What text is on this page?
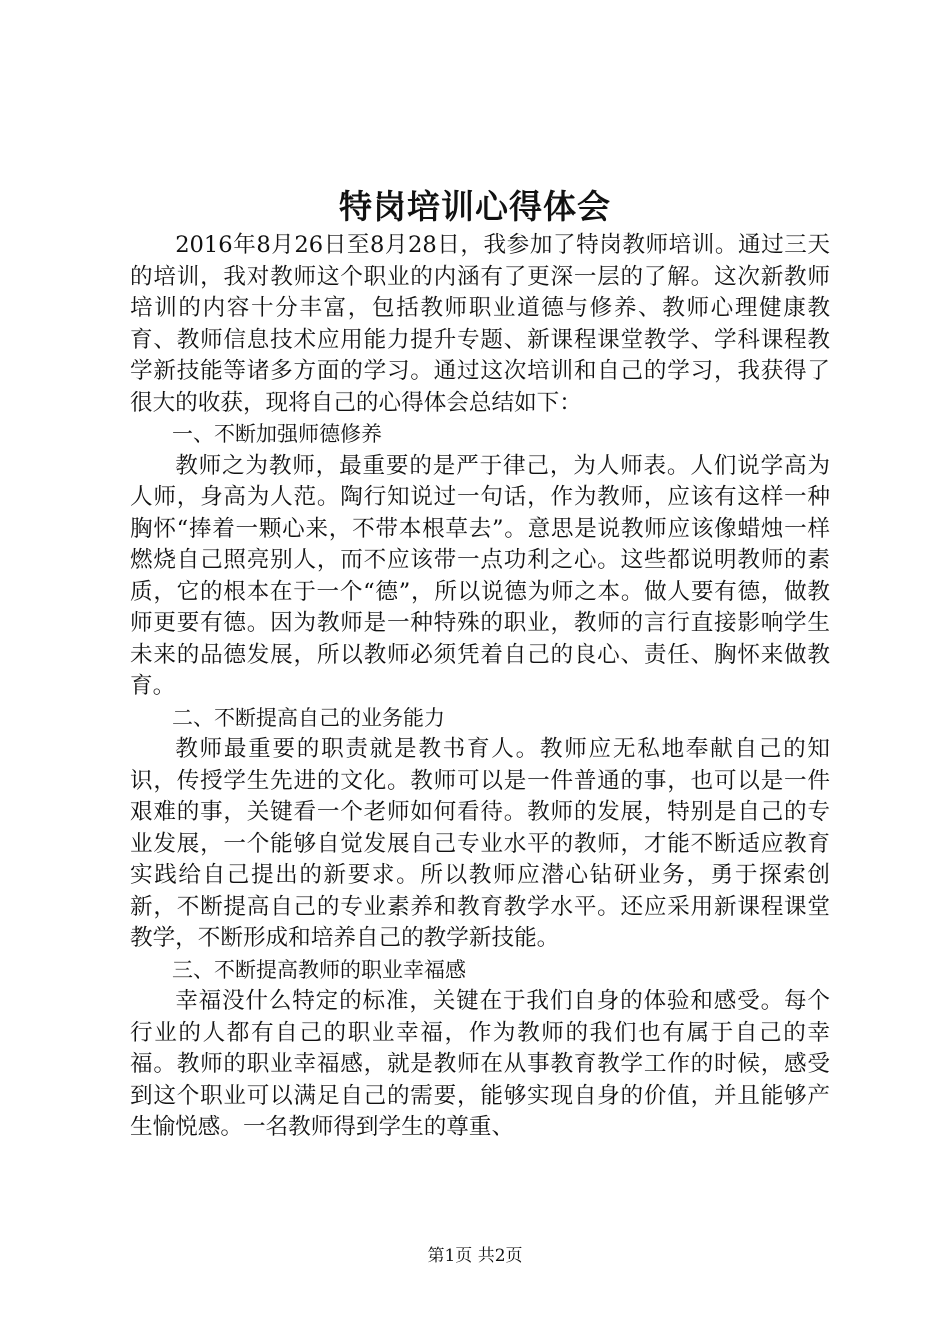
特岗培训心得体会

2016年8月26日至8月28日，我参加了特岗教师培训。通过三天的培训，我对教师这个职业的内涵有了更深一层的了解。这次新教师培训的内容十分丰富，包括教师职业道德与修养、教师心理健康教育、教师信息技术应用能力提升专题、新课程课堂教学、学科课程教学新技能等诸多方面的学习。通过这次培训和自己的学习，我获得了很大的收获，现将自己的心得体会总结如下：

一、不断加强师德修养

教师之为教师，最重要的是严于律己，为人师表。人们说学高为人师，身高为人范。陶行知说过一句话，作为教师，应该有这样一种胸怀“捧着一颗心来，不带本根草去”。意思是说教师应该像蜡烛一样燃烧自己照亮别人，而不应该带一点功利之心。这些都说明教师的素质，它的根本在于一个“德”，所以说德为师之本。做人要有德，做教师更要有德。因为教师是一种特殊的职业，教师的言行直接影响学生未来的品德发展，所以教师必须凭着自己的良心、责任、胸怀来做教育。

二、不断提高自己的业务能力

教师最重要的职责就是教书育人。教师应无私地奉献自己的知识，传授学生先进的文化。教师可以是一件普通的事，也可以是一件艰难的事，关键看一个老师如何看待。教师的发展，特别是自己的专业发展，一个能够自觉发展自己专业水平的教师，才能不断适应教育实践给自己提出的新要求。所以教师应潜心钻研业务，勇于探索创新，不断提高自己的专业素养和教育教学水平。还应采用新课程课堂教学，不断形成和培养自己的教学新技能。

三、不断提高教师的职业幸福感

幸福没什么特定的标准，关键在于我们自身的体验和感受。每个行业的人都有自己的职业幸福，作为教师的我们也有属于自己的幸福。教师的职业幸福感，就是教师在从事教育教学工作的时候，感受到这个职业可以满足自己的需要，能够实现自身的价值，并且能够产生愉悦感。一名教师得到学生的尊重、

第1页 共2页
